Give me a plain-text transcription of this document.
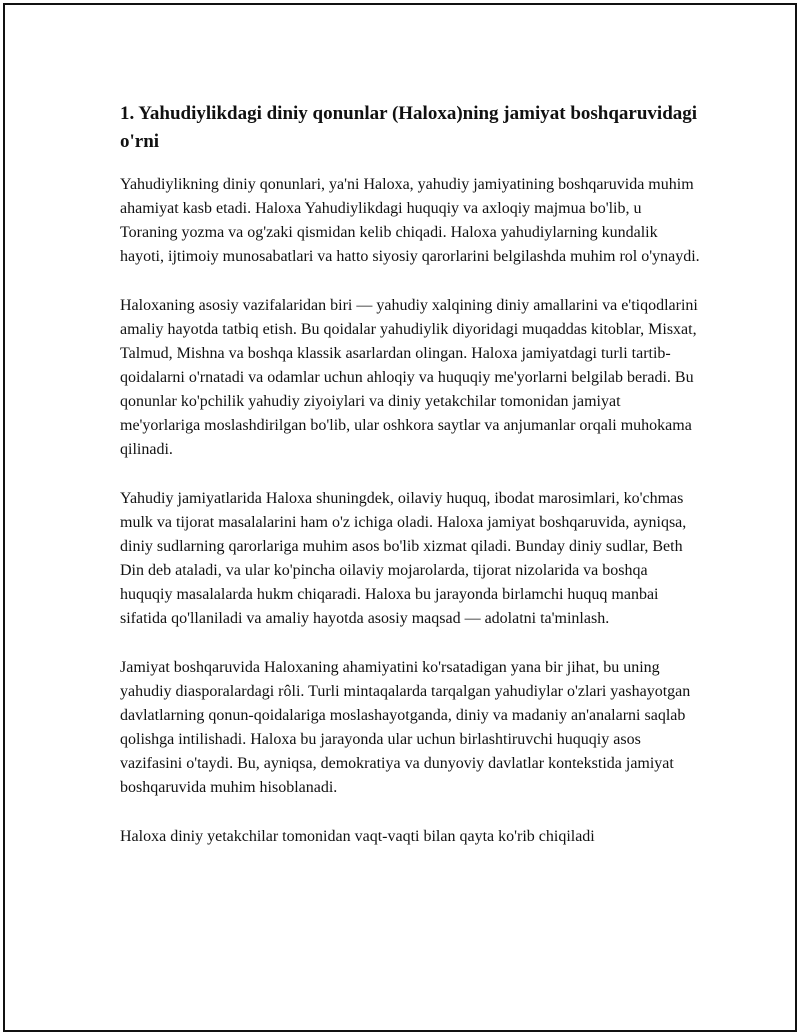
1. Yahudiylikdagi diniy qonunlar (Haloxa)ning jamiyat boshqaruvidagi o'rni

Yahudiylikning diniy qonunlari, ya'ni Haloxa, yahudiy jamiyatining boshqaruvida muhim ahamiyat kasb etadi. Haloxa Yahudiylikdagi huquqiy va axloqiy majmua bo'lib, u Toraning yozma va og'zaki qismidan kelib chiqadi. Haloxa yahudiylarning kundalik hayoti, ijtimoiy munosabatlari va hatto siyosiy qarorlarini belgilashda muhim rol o'ynaydi.

Haloxaning asosiy vazifalaridan biri — yahudiy xalqining diniy amallarini va e'tiqodlarini amaliy hayotda tatbiq etish. Bu qoidalar yahudiylik diyoridagi muqaddas kitoblar, Misxat, Talmud, Mishna va boshqa klassik asarlardan olingan. Haloxa jamiyatdagi turli tartib-qoidalarni o'rnatadi va odamlar uchun ahloqiy va huquqiy me'yorlarni belgilab beradi. Bu qonunlar ko'pchilik yahudiy ziyoiylari va diniy yetakchilar tomonidan jamiyat me'yorlariga moslashdirilgan bo'lib, ular oshkora saytlar va anjumanlar orqali muhokama qilinadi.

Yahudiy jamiyatlarida Haloxa shuningdek, oilaviy huquq, ibodat marosimlari, ko'chmas mulk va tijorat masalalarini ham o'z ichiga oladi. Haloxa jamiyat boshqaruvida, ayniqsa, diniy sudlarning qarorlariga muhim asos bo'lib xizmat qiladi. Bunday diniy sudlar, Beth Din deb ataladi, va ular ko'pincha oilaviy mojarolarda, tijorat nizolarida va boshqa huquqiy masalalarda hukm chiqaradi. Haloxa bu jarayonda birlamchi huquq manbai sifatida qo'llaniladi va amaliy hayotda asosiy maqsad — adolatni ta'minlash.

Jamiyat boshqaruvida Haloxaning ahamiyatini ko'rsatadigan yana bir jihat, bu uning yahudiy diasporalardagi rôli. Turli mintaqalarda tarqalgan yahudiylar o'zlari yashayotgan davlatlarning qonun-qoidalariga moslashayotganda, diniy va madaniy an'analarni saqlab qolishga intilishadi. Haloxa bu jarayonda ular uchun birlashtiruvchi huquqiy asos vazifasini o'taydi. Bu, ayniqsa, demokratiya va dunyoviy davlatlar kontekstida jamiyat boshqaruvida muhim hisoblanadi.

Haloxa diniy yetakchilar tomonidan vaqt-vaqti bilan qayta ko'rib chiqiladi
